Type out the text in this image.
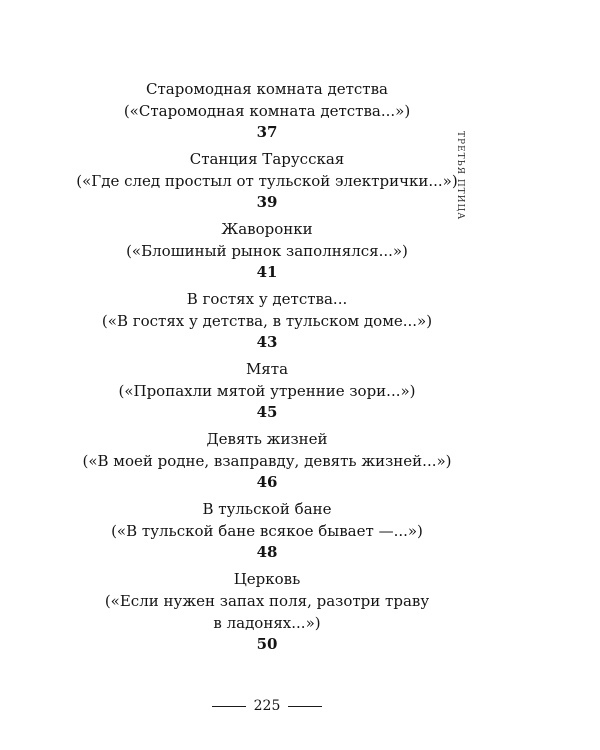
Старомодная комната детства
(«Старомодная комната детства...»)
37
Станция Тарусская
(«Где след простыл от тульской электрички...»)
39
Жаворонки
(«Блошиный рынок заполнялся...»)
41
В гостях у детства...
(«В гостях у детства, в тульском доме...»)
43
Мята
(«Пропахли мятой утренние зори...»)
45
Девять жизней
(«В моей родне, взаправду, девять жизней...»)
46
В тульской бане
(«В тульской бане всякое бывает —...»)
48
Церковь
(«Если нужен запах поля, разотри траву
в ладонях...»)
50
ТРЕТЬЯ ПТИЦА
225
